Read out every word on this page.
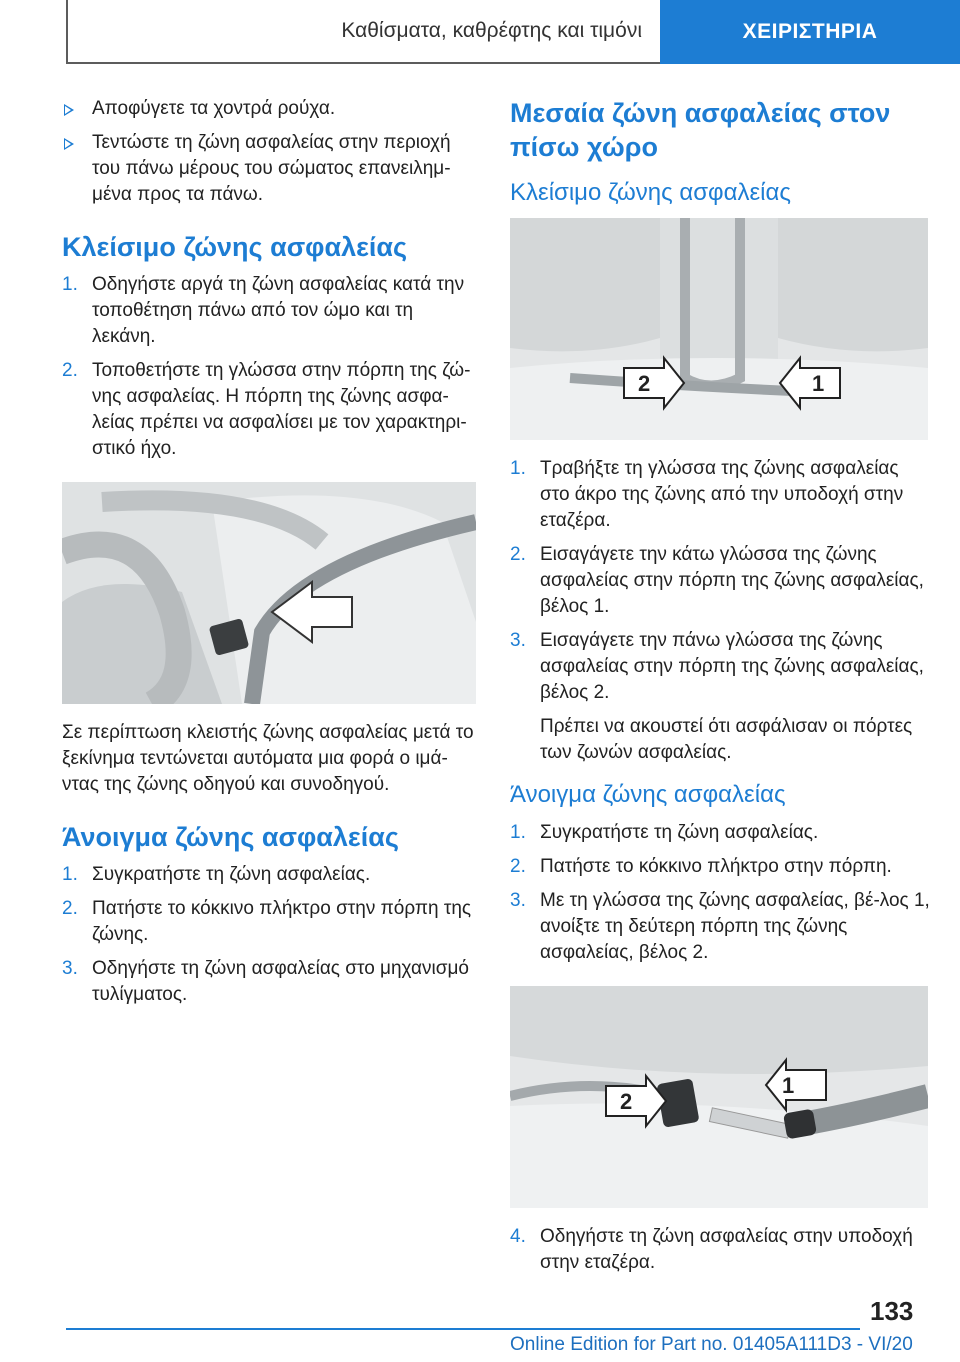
Καθίσματα, καθρέφτης και τιμόνι	ΧΕΙΡΙΣΤΗΡΙΑ
Αποφύγετε τα χοντρά ρούχα.
Τεντώστε τη ζώνη ασφαλείας στην περιοχή του πάνω μέρους του σώματος επανειλημ‐μένα προς τα πάνω.
Κλείσιμο ζώνης ασφαλείας
1. Οδηγήστε αργά τη ζώνη ασφαλείας κατά την τοποθέτηση πάνω από τον ώμο και τη λεκάνη.
2. Τοποθετήστε τη γλώσσα στην πόρπη της ζώ‐νης ασφαλείας. Η πόρπη της ζώνης ασφα‐λείας πρέπει να ασφαλίσει με τον χαρακτηρι‐στικό ήχο.
Σε περίπτωση κλειστής ζώνης ασφαλείας μετά το ξεκίνημα τεντώνεται αυτόματα μια φορά ο ιμά‐ντας της ζώνης οδηγού και συνοδηγού.
Άνοιγμα ζώνης ασφαλείας
1. Συγκρατήστε τη ζώνη ασφαλείας.
2. Πατήστε το κόκκινο πλήκτρο στην πόρπη της ζώνης.
3. Οδηγήστε τη ζώνη ασφαλείας στο μηχανισμό τυλίγματος.
Μεσαία ζώνη ασφαλείας στον πίσω χώρο
Κλείσιμο ζώνης ασφαλείας
2	1
1. Τραβήξτε τη γλώσσα της ζώνης ασφαλείας στο άκρο της ζώνης από την υποδοχή στην εταζέρα.
2. Εισαγάγετε την κάτω γλώσσα της ζώνης ασφαλείας στην πόρπη της ζώνης ασφαλείας, βέλος 1.
3. Εισαγάγετε την πάνω γλώσσα της ζώνης ασφαλείας στην πόρπη της ζώνης ασφαλείας, βέλος 2.
Πρέπει να ακουστεί ότι ασφάλισαν οι πόρτες των ζωνών ασφαλείας.
Άνοιγμα ζώνης ασφαλείας
1. Συγκρατήστε τη ζώνη ασφαλείας.
2. Πατήστε το κόκκινο πλήκτρο στην πόρπη.
3. Με τη γλώσσα της ζώνης ασφαλείας, βέ‐λος 1, ανοίξτε τη δεύτερη πόρπη της ζώνης ασφαλείας, βέλος 2.
1
2
4. Οδηγήστε τη ζώνη ασφαλείας στην υποδοχή στην εταζέρα.
133
Online Edition for Part no. 01405A111D3 - VI/20
